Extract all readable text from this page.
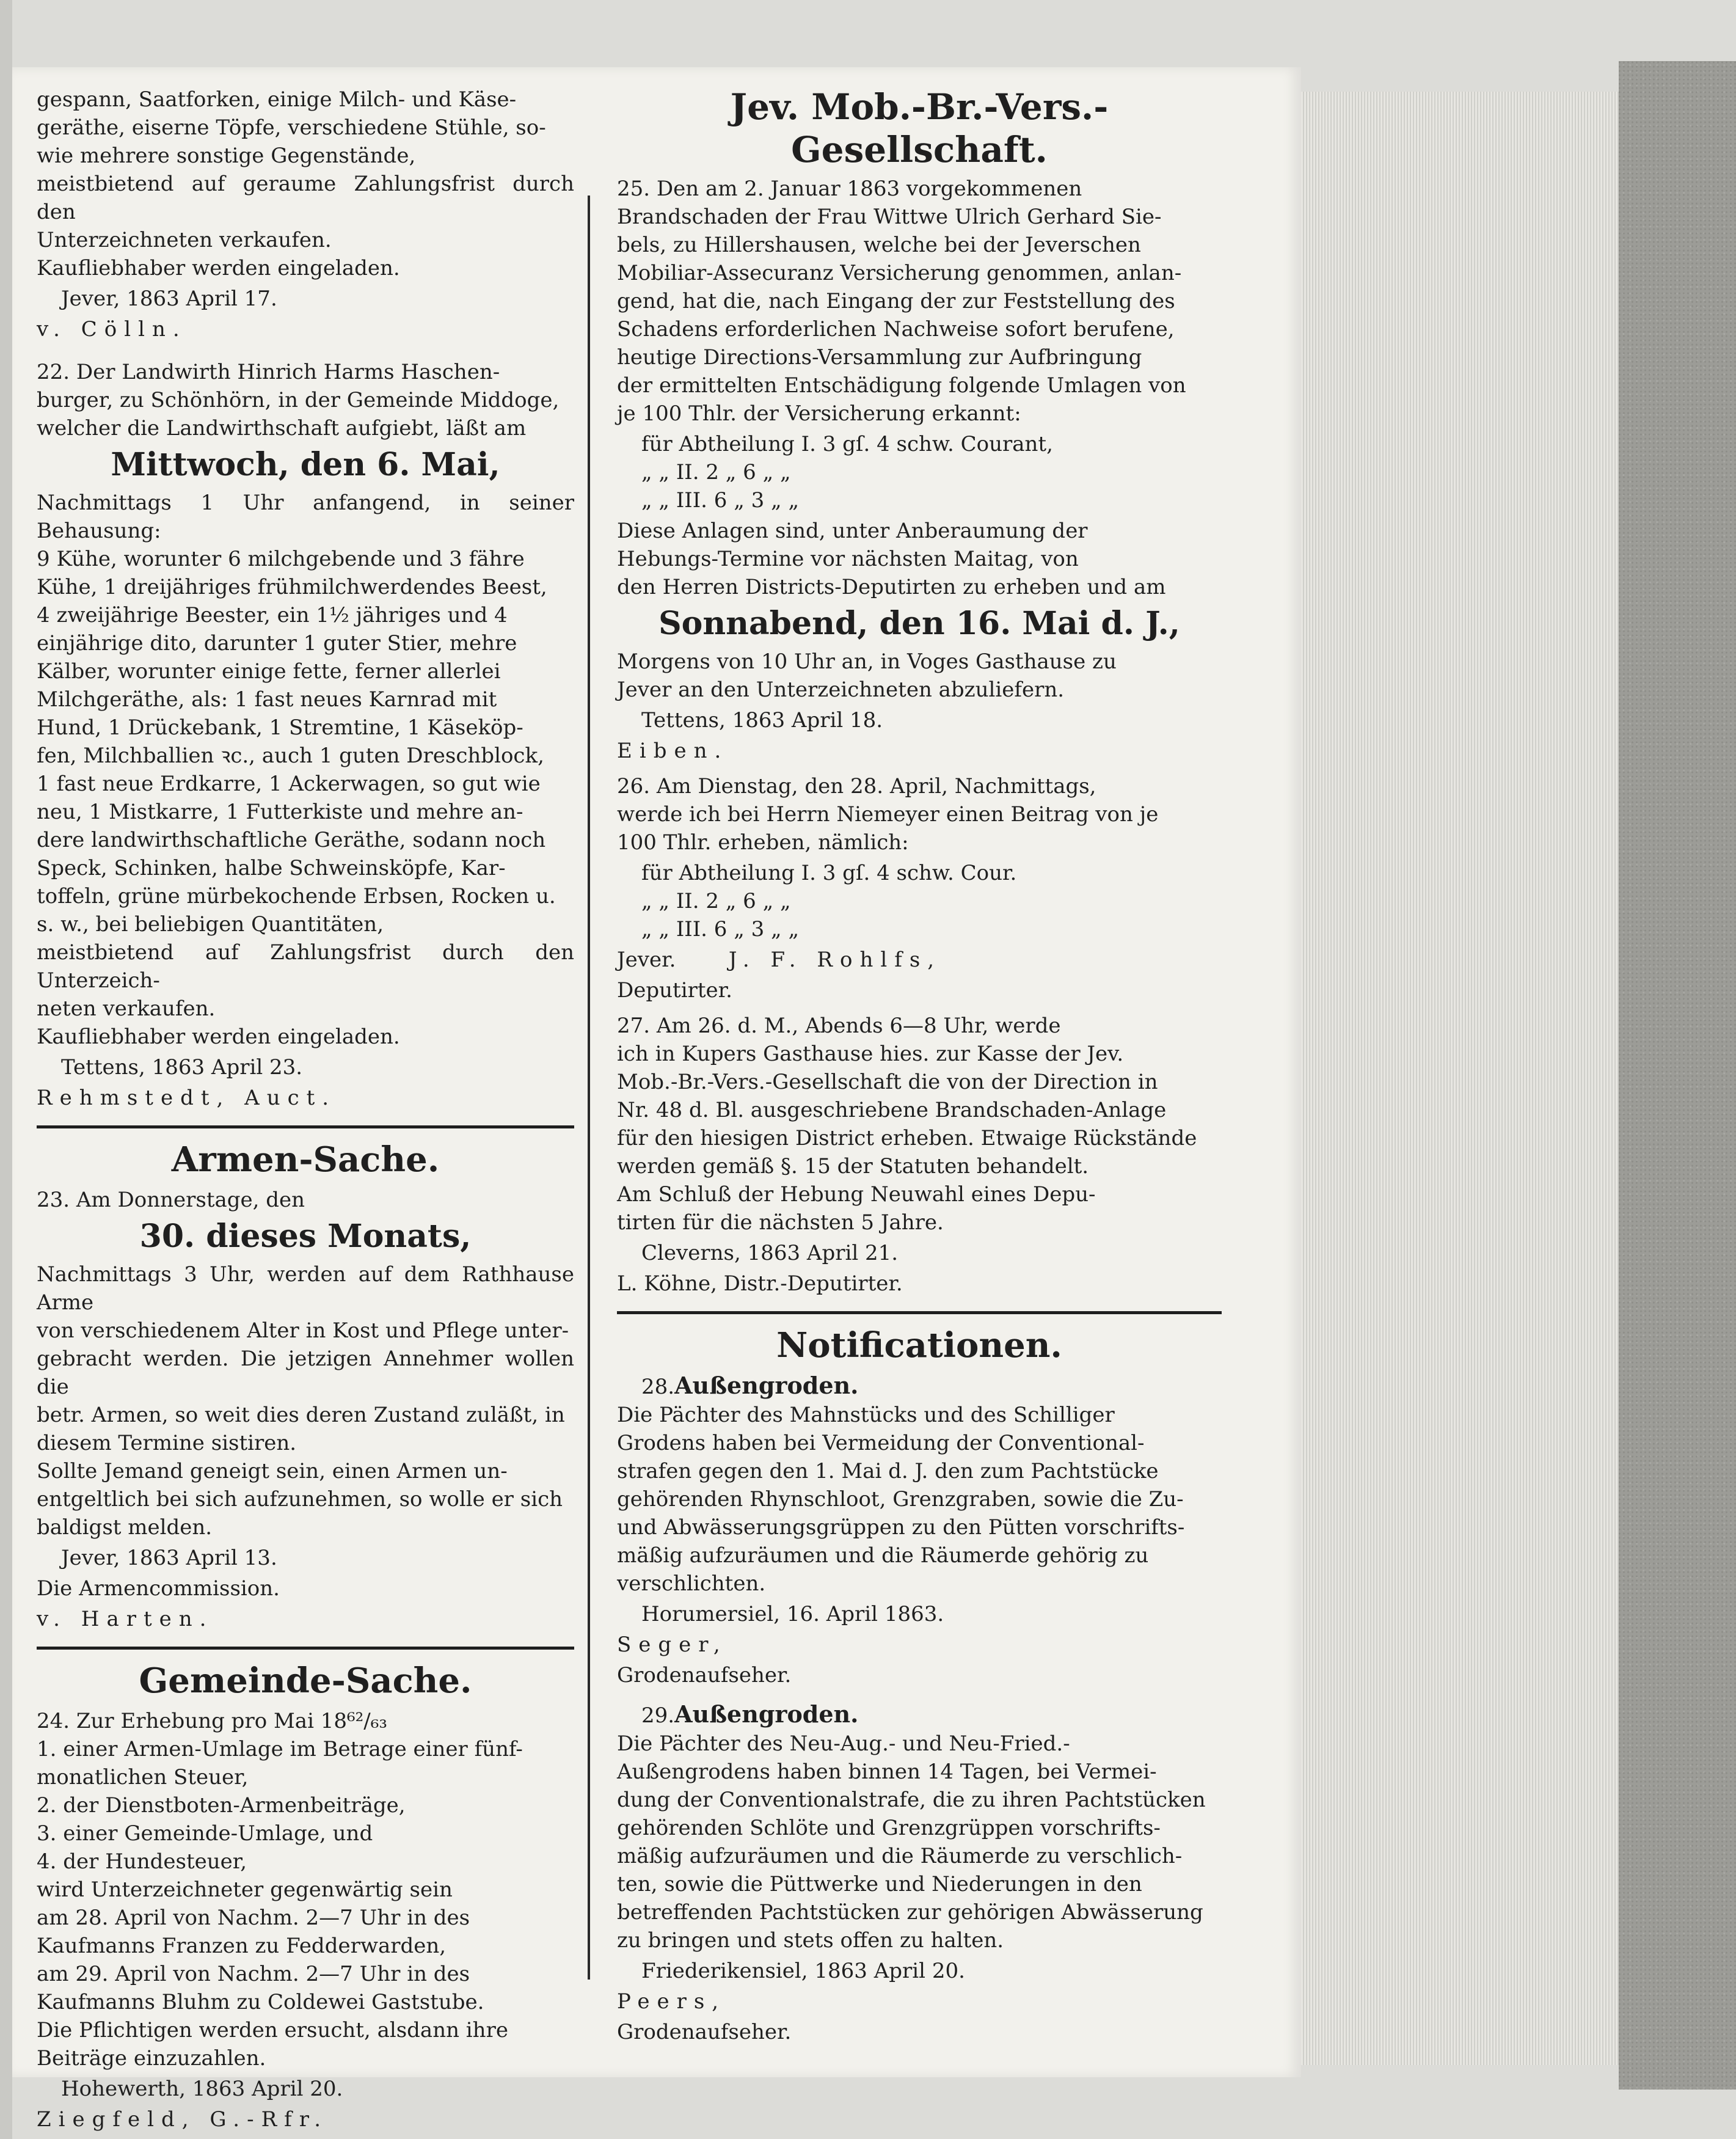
gespann, Saatforken, einige Milch- und Käse-
geräthe, eiserne Töpfe, verschiedene Stühle, so-
wie mehrere sonstige Gegenstände,
meistbietend auf geraume Zahlungsfrist durch den
Unterzeichneten verkaufen.
Kaufliebhaber werden eingeladen.

Jever, 1863 April 17.

v. Cölln.

22. Der Landwirth Hinrich Harms Haschen-
burger, zu Schönhörn, in der Gemeinde Middoge,
welcher die Landwirthschaft aufgiebt, läßt am

Mittwoch, den 6. Mai,

Nachmittags 1 Uhr anfangend, in seiner Behausung:
9 Kühe, worunter 6 milchgebende und 3 fähre
Kühe, 1 dreijähriges frühmilchwerdendes Beest,
4 zweijährige Beester, ein 1½ jähriges und 4
einjährige dito, darunter 1 guter Stier, mehre
Kälber, worunter einige fette, ferner allerlei
Milchgeräthe, als: 1 fast neues Karnrad mit
Hund, 1 Drückebank, 1 Stremtine, 1 Käseköp-
fen, Milchballien ꝛc., auch 1 guten Dreschblock,
1 fast neue Erdkarre, 1 Ackerwagen, so gut wie
neu, 1 Mistkarre, 1 Futterkiste und mehre an-
dere landwirthschaftliche Geräthe, sodann noch
Speck, Schinken, halbe Schweinsköpfe, Kar-
toffeln, grüne mürbekochende Erbsen, Rocken u.
s. w., bei beliebigen Quantitäten,
meistbietend auf Zahlungsfrist durch den Unterzeich-
neten verkaufen.
Kaufliebhaber werden eingeladen.

Tettens, 1863 April 23.

Rehmstedt, Auct.

Armen-Sache.

23. Am Donnerstage, den

30. dieses Monats,

Nachmittags 3 Uhr, werden auf dem Rathhause Arme
von verschiedenem Alter in Kost und Pflege unter-
gebracht werden. Die jetzigen Annehmer wollen die
betr. Armen, so weit dies deren Zustand zuläßt, in
diesem Termine sistiren.
Sollte Jemand geneigt sein, einen Armen un-
entgeltlich bei sich aufzunehmen, so wolle er sich
baldigst melden.

Jever, 1863 April 13.

Die Armencommission.

v. Harten.

Gemeinde-Sache.

24. Zur Erhebung pro Mai 18⁶²/₆₃
1. einer Armen-Umlage im Betrage einer fünf-
monatlichen Steuer,
2. der Dienstboten-Armenbeiträge,
3. einer Gemeinde-Umlage, und
4. der Hundesteuer,
wird Unterzeichneter gegenwärtig sein
am 28. April von Nachm. 2—7 Uhr in des
Kaufmanns Franzen zu Fedderwarden,
am 29. April von Nachm. 2—7 Uhr in des
Kaufmanns Bluhm zu Coldewei Gaststube.
Die Pflichtigen werden ersucht, alsdann ihre
Beiträge einzuzahlen.

Hohewerth, 1863 April 20.

Ziegfeld, G.-Rfr.

Jev. Mob.-Br.-Vers.-Gesellschaft.

25. Den am 2. Januar 1863 vorgekommenen
Brandschaden der Frau Wittwe Ulrich Gerhard Sie-
bels, zu Hillershausen, welche bei der Jeverschen
Mobiliar-Assecuranz Versicherung genommen, anlan-
gend, hat die, nach Eingang der zur Feststellung des
Schadens erforderlichen Nachweise sofort berufene,
heutige Directions-Versammlung zur Aufbringung
der ermittelten Entschädigung folgende Umlagen von
je 100 Thlr. der Versicherung erkannt:

für Abtheilung I. 3 gſ. 4 schw. Courant,
„ „ II. 2 „ 6 „ „
„ „ III. 6 „ 3 „ „

Diese Anlagen sind, unter Anberaumung der
Hebungs-Termine vor nächsten Maitag, von
den Herren Districts-Deputirten zu erheben und am

Sonnabend, den 16. Mai d. J.,

Morgens von 10 Uhr an, in Voges Gasthause zu
Jever an den Unterzeichneten abzuliefern.

Tettens, 1863 April 18.

Eiben.

26. Am Dienstag, den 28. April, Nachmittags,
werde ich bei Herrn Niemeyer einen Beitrag von je
100 Thlr. erheben, nämlich:

für Abtheilung I. 3 gſ. 4 schw. Cour.
„ „ II. 2 „ 6 „ „
„ „ III. 6 „ 3 „ „

Jever.	J. F. Rohlfs,

Deputirter.

27. Am 26. d. M., Abends 6—8 Uhr, werde
ich in Kupers Gasthause hies. zur Kasse der Jev.
Mob.-Br.-Vers.-Gesellschaft die von der Direction in
Nr. 48 d. Bl. ausgeschriebene Brandschaden-Anlage
für den hiesigen District erheben. Etwaige Rückstände
werden gemäß §. 15 der Statuten behandelt.
Am Schluß der Hebung Neuwahl eines Depu-
tirten für die nächsten 5 Jahre.

Cleverns, 1863 April 21.

L. Köhne, Distr.-Deputirter.

Notificationen.

28.Außengroden.

Die Pächter des Mahnstücks und des Schilliger
Grodens haben bei Vermeidung der Conventional-
strafen gegen den 1. Mai d. J. den zum Pachtstücke
gehörenden Rhynschloot, Grenzgraben, sowie die Zu-
und Abwässerungsgrüppen zu den Pütten vorschrifts-
mäßig aufzuräumen und die Räumerde gehörig zu
verschlichten.

Horumersiel, 16. April 1863.

Seger,

Grodenaufseher.

29.Außengroden.

Die Pächter des Neu-Aug.- und Neu-Fried.-
Außengrodens haben binnen 14 Tagen, bei Vermei-
dung der Conventionalstrafe, die zu ihren Pachtstücken
gehörenden Schlöte und Grenzgrüppen vorschrifts-
mäßig aufzuräumen und die Räumerde zu verschlich-
ten, sowie die Püttwerke und Niederungen in den
betreffenden Pachtstücken zur gehörigen Abwässerung
zu bringen und stets offen zu halten.

Friederikensiel, 1863 April 20.

Peers,

Grodenaufseher.
